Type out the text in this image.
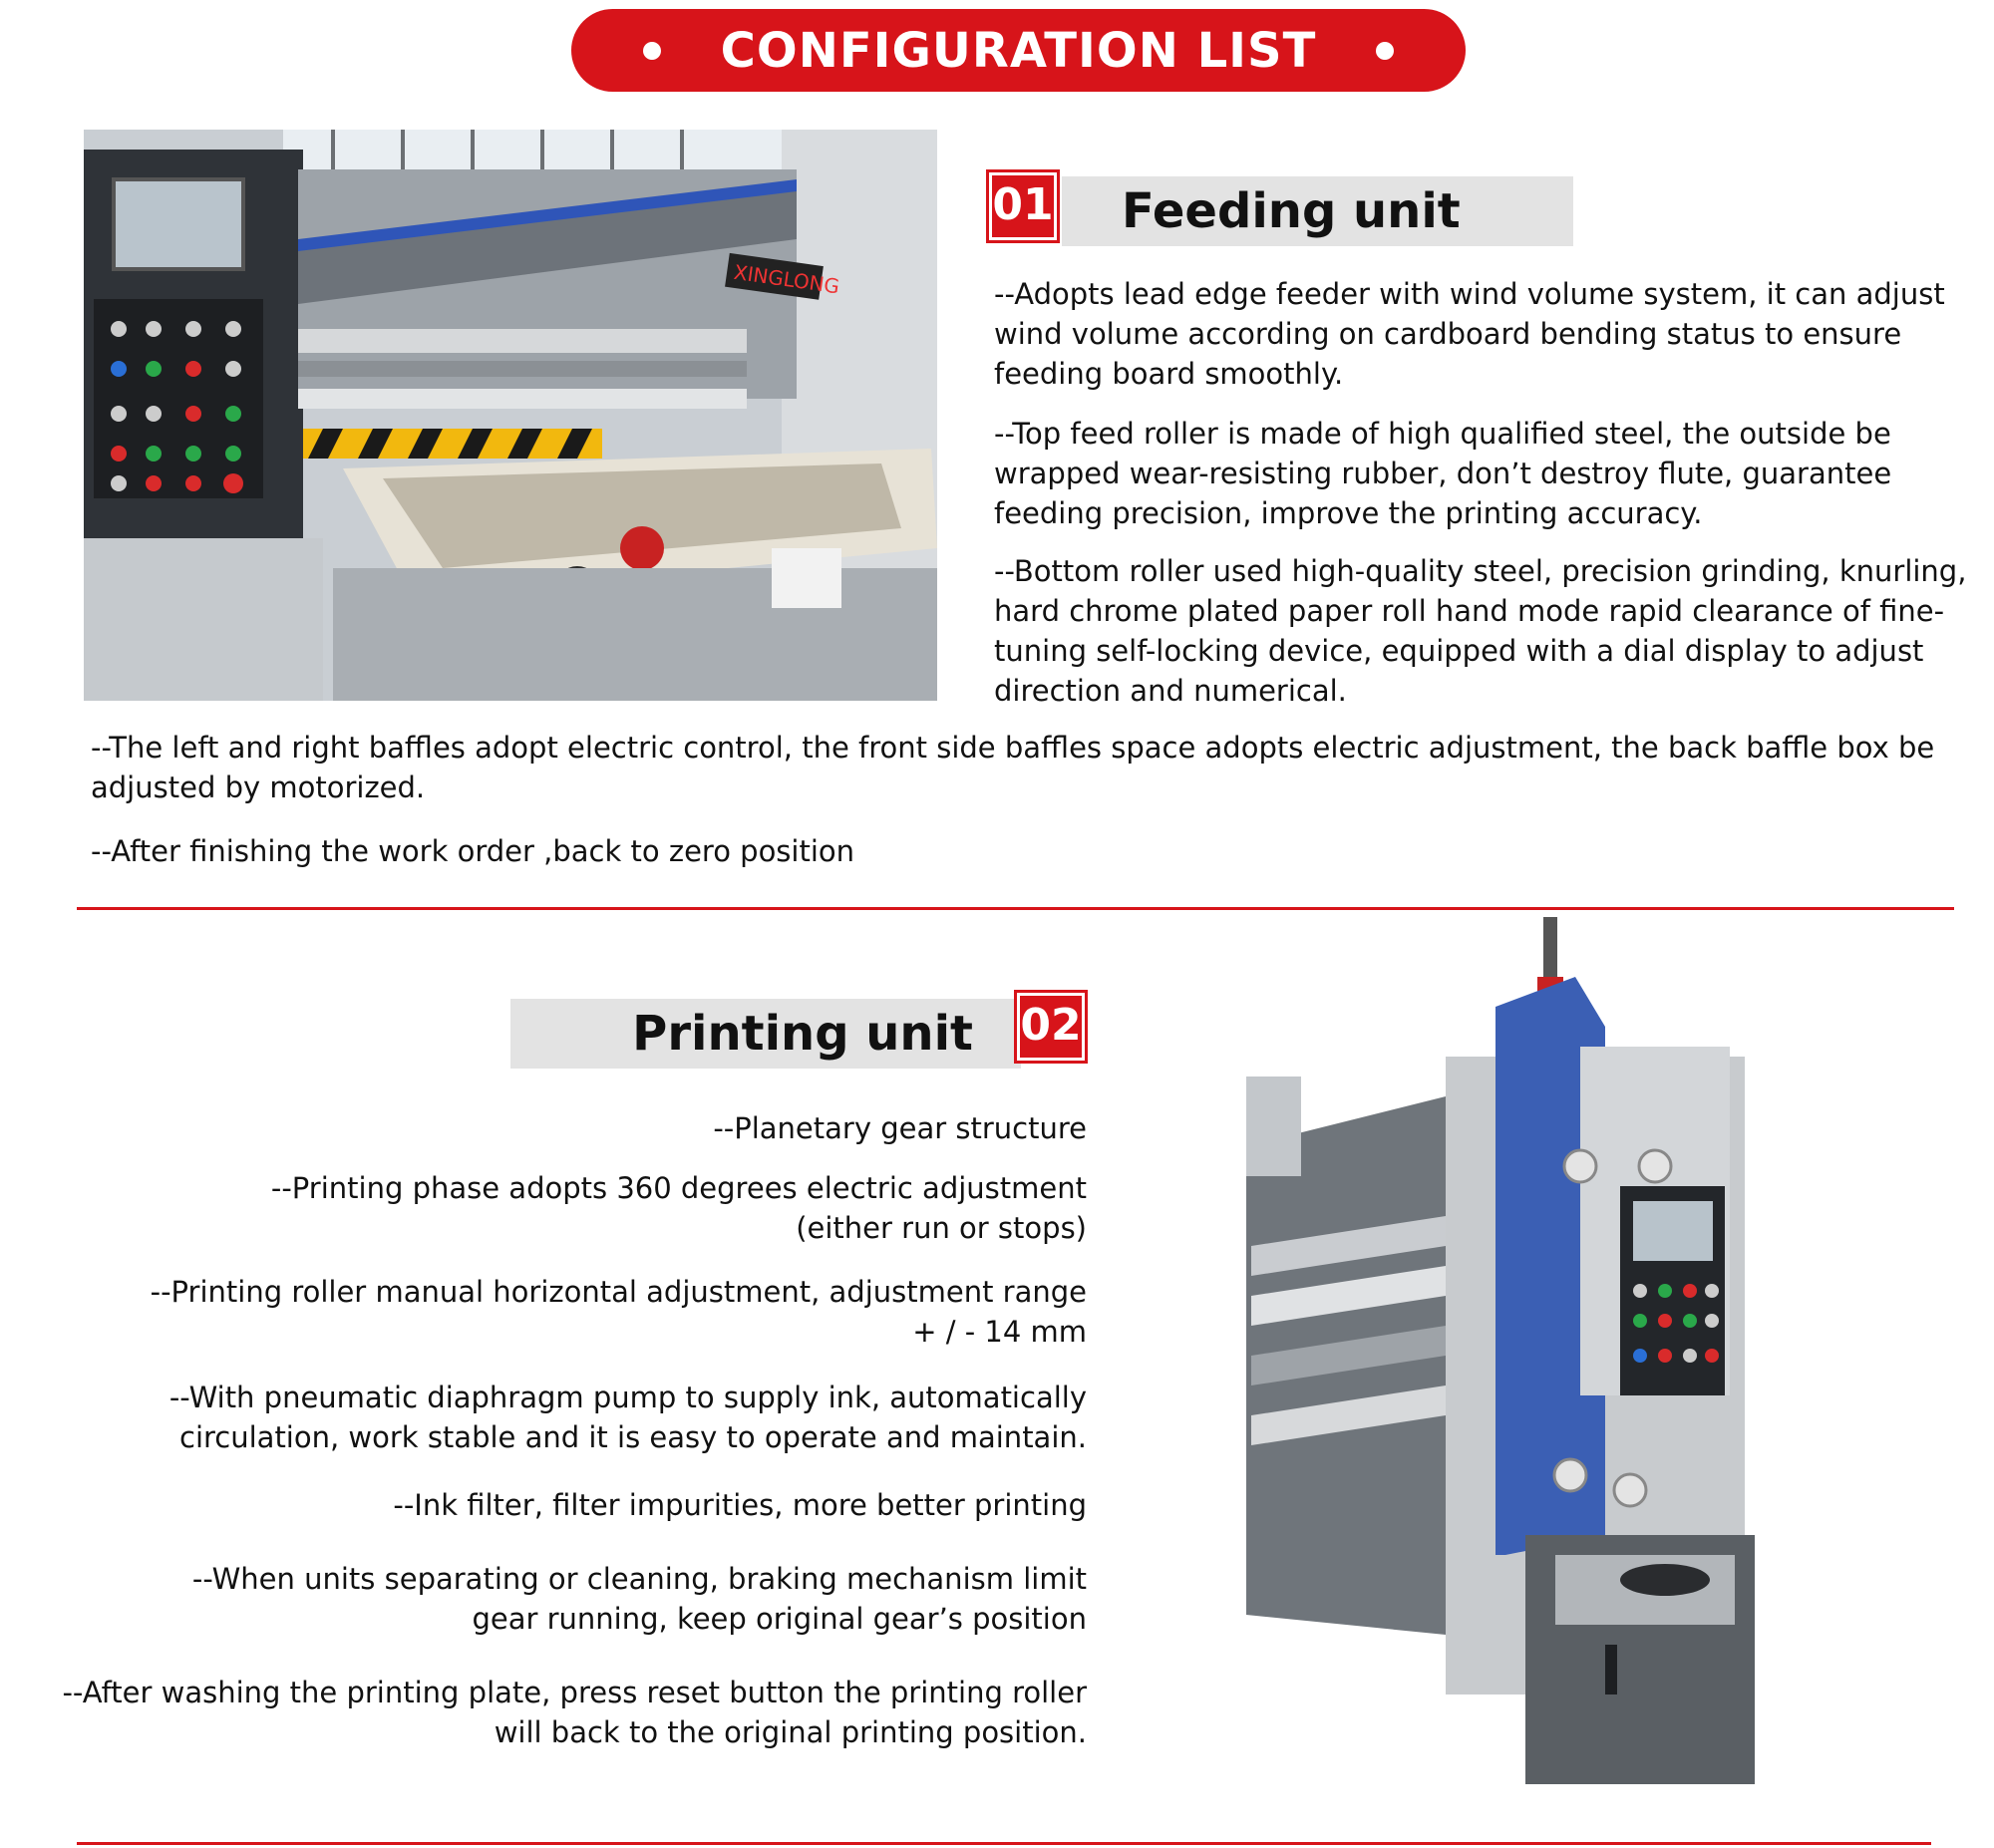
CONFIGURATION LIST
XINGLONG
Feeding unit
01
--Adopts lead edge feeder with wind volume system, it can adjust wind volume according on cardboard bending status to ensure feeding board smoothly.
--Top feed roller is made of high qualified steel, the outside be wrapped wear-resisting rubber, don’t destroy flute, guarantee feeding precision, improve the printing accuracy.
--Bottom roller used high-quality steel, precision grinding, knurling, hard chrome plated paper roll hand mode rapid clearance of fine-tuning self-locking device, equipped with a dial display to adjust direction and numerical.
--The left and right baffles adopt electric control, the front side baffles space adopts electric adjustment, the back baffle box be adjusted by motorized.
--After finishing the work order ,back to zero position
Printing unit	02
--Planetary gear structure
--Printing phase adopts 360 degrees electric adjustment (either run or stops)
--Printing roller manual horizontal adjustment, adjustment range + / - 14 mm
--With pneumatic diaphragm pump to supply ink, automatically circulation, work stable and it is easy to operate and maintain.
--Ink filter, filter impurities, more better printing
--When units separating or cleaning, braking mechanism limit gear running, keep original gear’s position
--After washing the printing plate, press reset button the printing roller will back to the original printing position.
